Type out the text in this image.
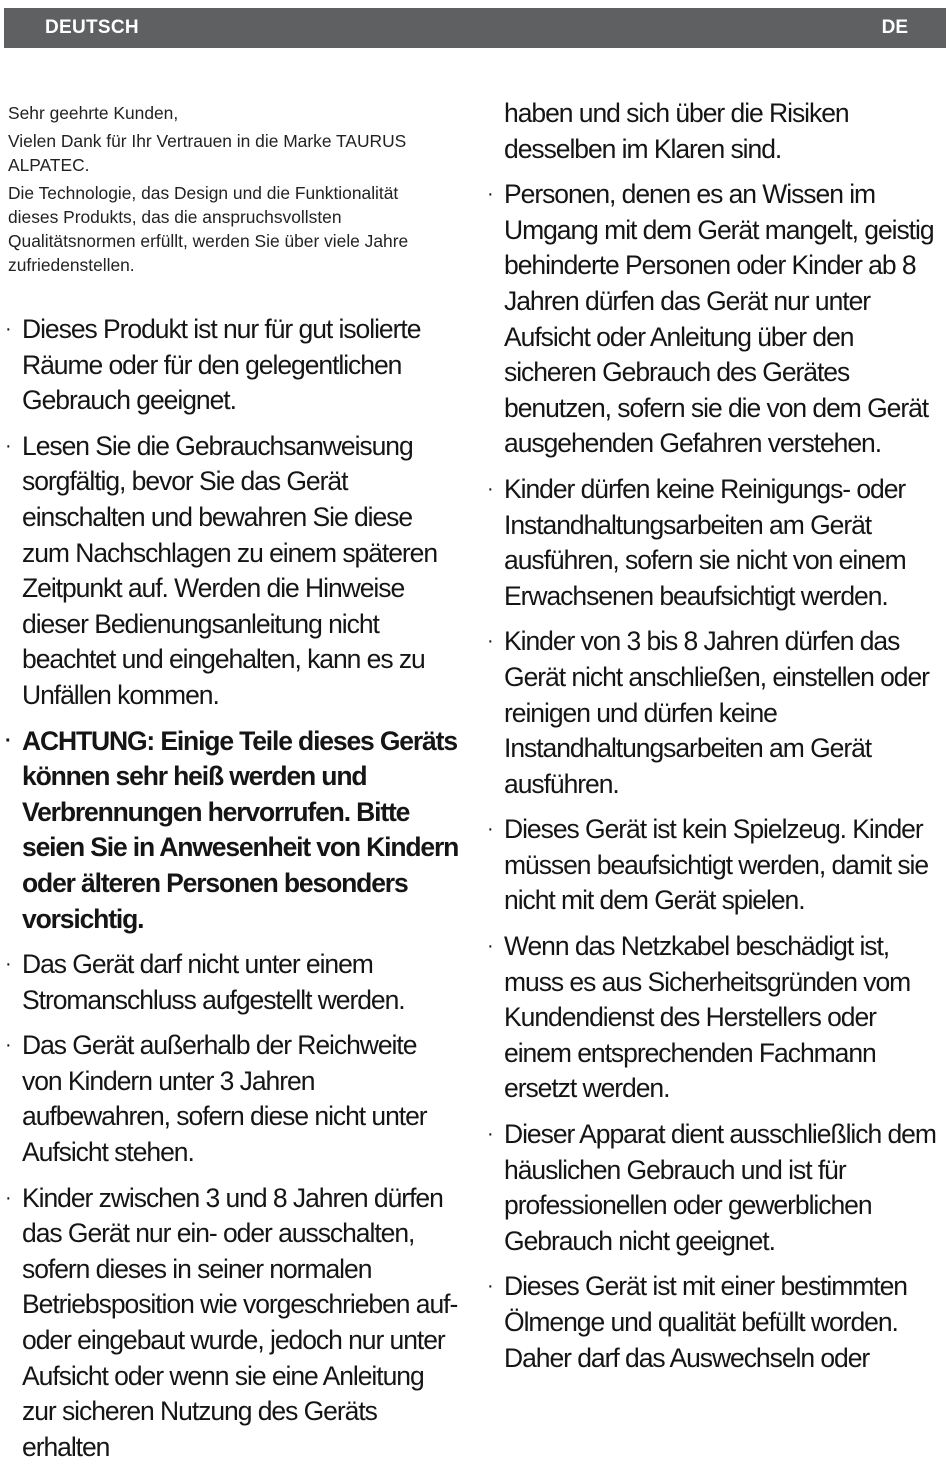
DEUTSCH	DE

Sehr geehrte Kunden,

Vielen Dank für Ihr Vertrauen in die Marke TAURUS ALPATEC.

Die Technologie, das Design und die Funktionalität dieses Produkts, das die anspruchsvollsten Qualitätsnormen erfüllt, werden Sie über viele Jahre zufriedenstellen.

· Dieses Produkt ist nur für gut isolierte Räume oder für den gelegentlichen Gebrauch geeignet.
· Lesen Sie die Gebrauchsanweisung sorgfältig, bevor Sie das Gerät einschalten und bewahren Sie diese zum Nachschlagen zu einem späteren Zeitpunkt auf. Werden die Hinweise dieser Bedienungsanleitung nicht beachtet und eingehalten, kann es zu Unfällen kommen.
· ACHTUNG: Einige Teile dieses Geräts können sehr heiß werden und Verbrennungen hervorrufen. Bitte seien Sie in Anwesenheit von Kindern oder älteren Personen besonders vorsichtig.
· Das Gerät darf nicht unter einem Stromanschluss aufgestellt werden.
· Das Gerät außerhalb der Reichweite von Kindern unter 3 Jahren aufbewahren, sofern diese nicht unter Aufsicht stehen.
· Kinder zwischen 3 und 8 Jahren dürfen das Gerät nur ein- oder ausschalten, sofern dieses in seiner normalen Betriebsposition wie vorgeschrieben auf- oder eingebaut wurde, jedoch nur unter Aufsicht oder wenn sie eine Anleitung zur sicheren Nutzung des Geräts erhalten
haben und sich über die Risiken desselben im Klaren sind.
· Personen, denen es an Wissen im Umgang mit dem Gerät mangelt, geistig behinderte Personen oder Kinder ab 8 Jahren dürfen das Gerät nur unter Aufsicht oder Anleitung über den sicheren Gebrauch des Gerätes benutzen, sofern sie die von dem Gerät ausgehenden Gefahren verstehen.
· Kinder dürfen keine Reinigungs- oder Instandhaltungsarbeiten am Gerät ausführen, sofern sie nicht von einem Erwachsenen beaufsichtigt werden.
· Kinder von 3 bis 8 Jahren dürfen das Gerät nicht anschließen, einstellen oder reinigen und dürfen keine Instandhaltungsarbeiten am Gerät ausführen.
· Dieses Gerät ist kein Spielzeug. Kinder müssen beaufsichtigt werden, damit sie nicht mit dem Gerät spielen.
· Wenn das Netzkabel beschädigt ist, muss es aus Sicherheitsgründen vom Kundendienst des Herstellers oder einem entsprechenden Fachmann ersetzt werden.
· Dieser Apparat dient ausschließlich dem häuslichen Gebrauch und ist für professionellen oder gewerblichen Gebrauch nicht geeignet.
· Dieses Gerät ist mit einer bestimmten Ölmenge und qualität befüllt worden. Daher darf das Auswechseln oder
